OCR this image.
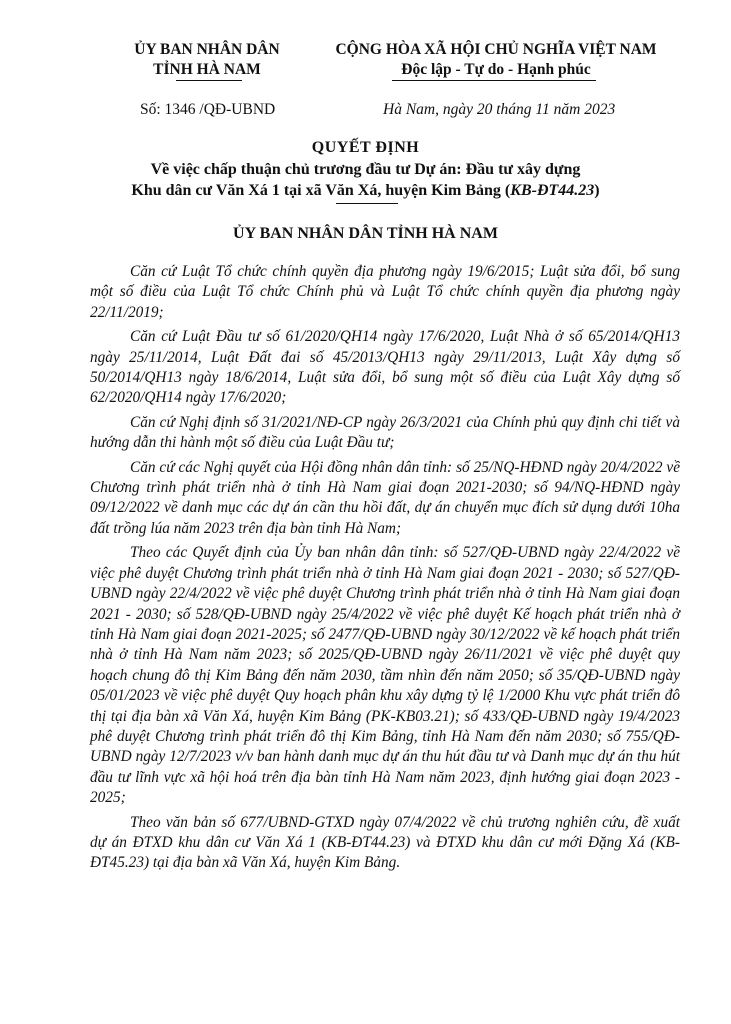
ỦY BAN NHÂN DÂN
TỈNH HÀ NAM
CỘNG HÒA XÃ HỘI CHỦ NGHĨA VIỆT NAM
Độc lập - Tự do - Hạnh phúc
Số: 1346 /QĐ-UBND	Hà Nam, ngày 20 tháng 11 năm 2023
QUYẾT ĐỊNH
Về việc chấp thuận chủ trương đầu tư Dự án: Đầu tư xây dựng
Khu dân cư Văn Xá 1 tại xã Văn Xá, huyện Kim Bảng (KB-ĐT44.23)
ỦY BAN NHÂN DÂN TỈNH HÀ NAM

Căn cứ Luật Tổ chức chính quyền địa phương ngày 19/6/2015; Luật sửa đổi, bổ sung một số điều của Luật Tổ chức Chính phủ và Luật Tổ chức chính quyền địa phương ngày 22/11/2019;

Căn cứ Luật Đầu tư số 61/2020/QH14 ngày 17/6/2020, Luật Nhà ở số 65/2014/QH13 ngày 25/11/2014, Luật Đất đai số 45/2013/QH13 ngày 29/11/2013, Luật Xây dựng số 50/2014/QH13 ngày 18/6/2014, Luật sửa đổi, bổ sung một số điều của Luật Xây dựng số 62/2020/QH14 ngày 17/6/2020;

Căn cứ Nghị định số 31/2021/NĐ-CP ngày 26/3/2021 của Chính phủ quy định chi tiết và hướng dẫn thi hành một số điều của Luật Đầu tư;

Căn cứ các Nghị quyết của Hội đồng nhân dân tỉnh: số 25/NQ-HĐND ngày 20/4/2022 về Chương trình phát triển nhà ở tỉnh Hà Nam giai đoạn 2021-2030; số 94/NQ-HĐND ngày 09/12/2022 về danh mục các dự án cần thu hồi đất, dự án chuyển mục đích sử dụng dưới 10ha đất trồng lúa năm 2023 trên địa bàn tỉnh Hà Nam;

Theo các Quyết định của Ủy ban nhân dân tỉnh: số 527/QĐ-UBND ngày 22/4/2022 về việc phê duyệt Chương trình phát triển nhà ở tỉnh Hà Nam giai đoạn 2021 - 2030; số 527/QĐ-UBND ngày 22/4/2022 về việc phê duyệt Chương trình phát triển nhà ở tỉnh Hà Nam giai đoạn 2021 - 2030; số 528/QĐ-UBND ngày 25/4/2022 về việc phê duyệt Kế hoạch phát triển nhà ở tỉnh Hà Nam giai đoạn 2021-2025; số 2477/QĐ-UBND ngày 30/12/2022 về kế hoạch phát triển nhà ở tỉnh Hà Nam năm 2023; số 2025/QĐ-UBND ngày 26/11/2021 về việc phê duyệt quy hoạch chung đô thị Kim Bảng đến năm 2030, tầm nhìn đến năm 2050; số 35/QĐ-UBND ngày 05/01/2023 về việc phê duyệt Quy hoạch phân khu xây dựng tỷ lệ 1/2000 Khu vực phát triển đô thị tại địa bàn xã Văn Xá, huyện Kim Bảng (PK-KB03.21); số 433/QĐ-UBND ngày 19/4/2023 phê duyệt Chương trình phát triển đô thị Kim Bảng, tỉnh Hà Nam đến năm 2030; số 755/QĐ-UBND ngày 12/7/2023 v/v ban hành danh mục dự án thu hút đầu tư và Danh mục dự án thu hút đầu tư lĩnh vực xã hội hoá trên địa bàn tỉnh Hà Nam năm 2023, định hướng giai đoạn 2023 - 2025;

Theo văn bản số 677/UBND-GTXD ngày 07/4/2022 về chủ trương nghiên cứu, đề xuất dự án ĐTXD khu dân cư Văn Xá 1 (KB-ĐT44.23) và ĐTXD khu dân cư mới Đặng Xá (KB-ĐT45.23) tại địa bàn xã Văn Xá, huyện Kim Bảng.
